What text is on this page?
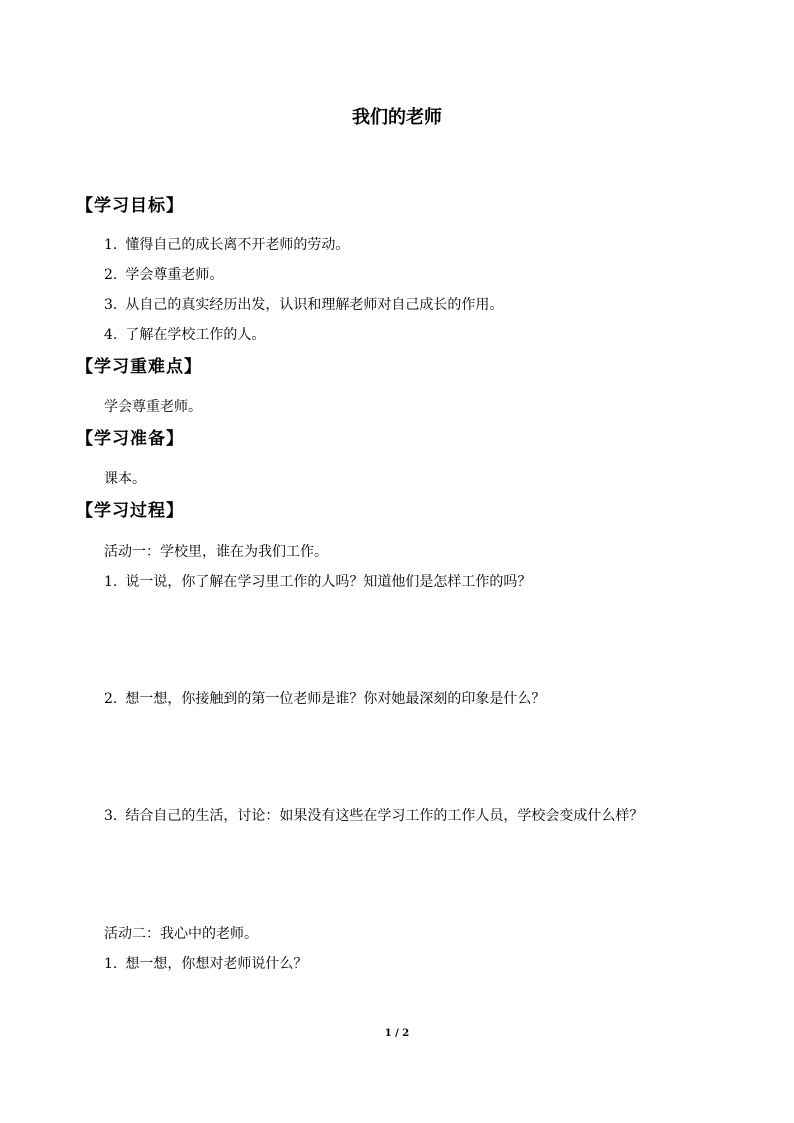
我们的老师
【学习目标】
1. 懂得自己的成长离不开老师的劳动。
2. 学会尊重老师。
3. 从自己的真实经历出发，认识和理解老师对自己成长的作用。
4. 了解在学校工作的人。
【学习重难点】
学会尊重老师。
【学习准备】
课本。
【学习过程】
活动一：学校里，谁在为我们工作。
1. 说一说，你了解在学习里工作的人吗？知道他们是怎样工作的吗？
2. 想一想，你接触到的第一位老师是谁？你对她最深刻的印象是什么？
3. 结合自己的生活，讨论：如果没有这些在学习工作的工作人员，学校会变成什么样？
活动二：我心中的老师。
1. 想一想，你想对老师说什么？
1 / 2
